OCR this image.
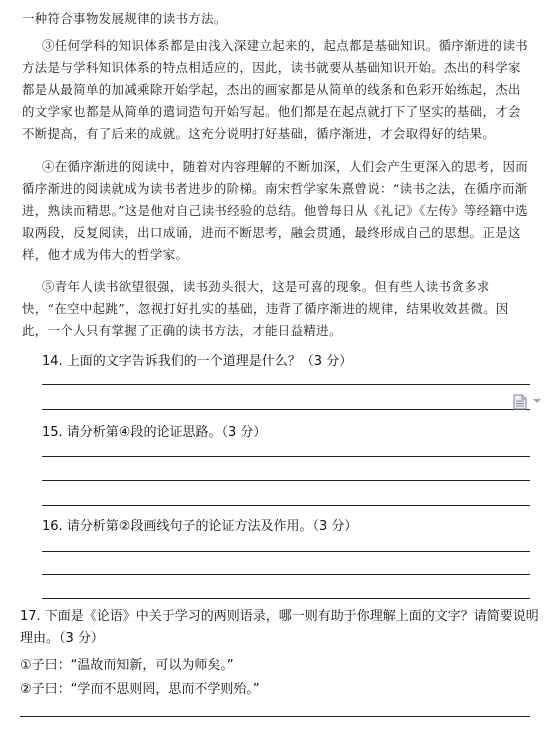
一种符合事物发展规律的读书方法。
③任何学科的知识体系都是由浅入深建立起来的，起点都是基础知识。循序渐进的读书方法是与学科知识体系的特点相适应的，因此，读书就要从基础知识开始。杰出的科学家都是从最简单的加减乘除开始学起，杰出的画家都是从简单的线条和色彩开始练起，杰出的文学家也都是从简单的遣词造句开始写起。他们都是在起点就打下了坚实的基础，才会不断提高，有了后来的成就。这充分说明打好基础，循序渐进，才会取得好的结果。
④在循序渐进的阅读中，随着对内容理解的不断加深，人们会产生更深入的思考，因而循序渐进的阅读就成为读书者进步的阶梯。南宋哲学家朱熹曾说：“读书之法，在循序而渐进，熟读而精思。”这是他对自己读书经验的总结。他曾每日从《礼记》《左传》等经籍中选取两段，反复阅读，出口成诵，进而不断思考，融会贯通，最终形成自己的思想。正是这样，他才成为伟大的哲学家。
⑤青年人读书欲望很强，读书劲头很大，这是可喜的现象。但有些人读书贪多求快，“在空中起跳”，忽视打好扎实的基础，违背了循序渐进的规律，结果收效甚微。因此，一个人只有掌握了正确的读书方法，才能日益精进。
14. 上面的文字告诉我们的一个道理是什么？（3 分）
15. 请分析第④段的论证思路。（3 分）
16. 请分析第②段画线句子的论证方法及作用。（3 分）
17. 下面是《论语》中关于学习的两则语录，哪一则有助于你理解上面的文字？请简要说明
理由。（3 分）
①子曰：“温故而知新，可以为师矣。”
②子曰：“学而不思则罔，思而不学则殆。”
